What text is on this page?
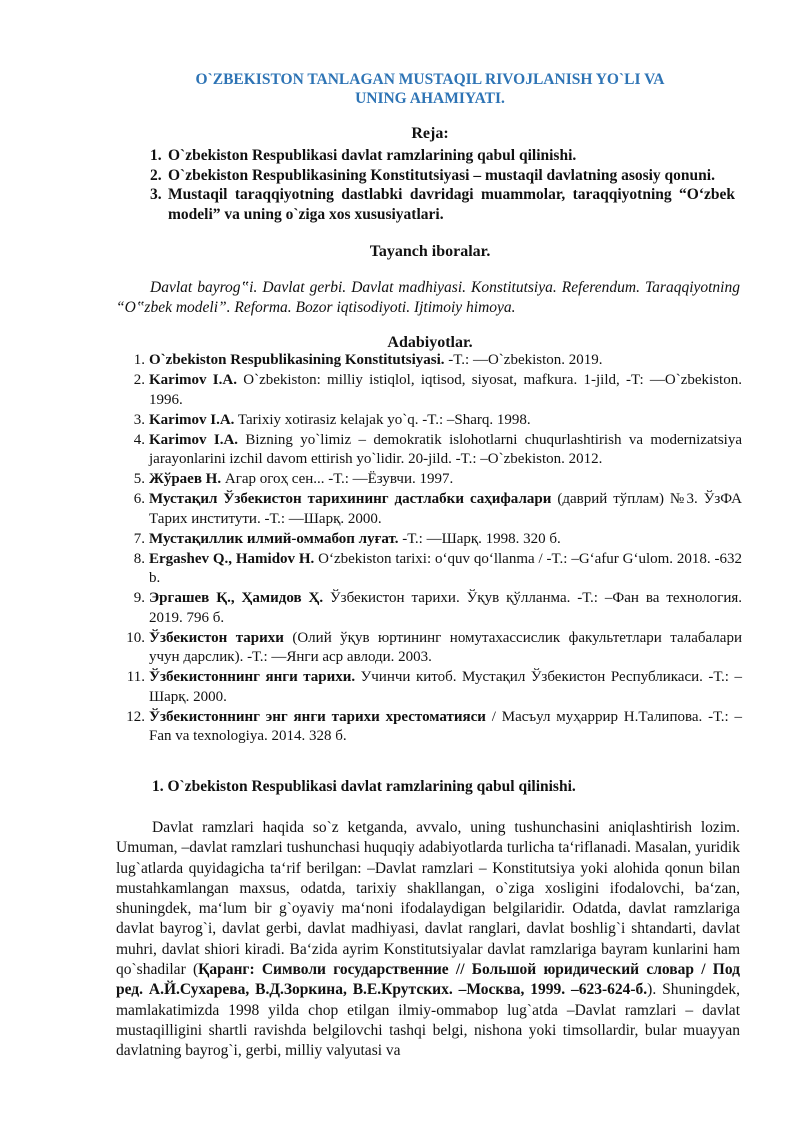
O`ZBEKISTON TANLAGAN MUSTAQIL RIVOJLANISH YO`LI VA
UNING AHAMIYATI.
Reja:
1. O`zbekiston Respublikasi davlat ramzlarining qabul qilinishi.
2. O`zbekiston Respublikasining Konstitutsiyasi – mustaqil davlatning asosiy qonuni.
3. Mustaqil taraqqiyotning dastlabki davridagi muammolar, taraqqiyotning “O‘zbek modeli” va uning o`ziga xos xususiyatlari.
Tayanch iboralar.
Davlat bayrog‟i. Davlat gerbi. Davlat madhiyasi. Konstitutsiya. Referendum. Taraqqiyotning “O‟zbek modeli”. Reforma. Bozor iqtisodiyoti. Ijtimoiy himoya.
Adabiyotlar.
1. O`zbekiston Respublikasining Konstitutsiyasi. -T.: ―O`zbekiston. 2019.
2. Karimov I.A. O`zbekiston: milliy istiqlol, iqtisod, siyosat, mafkura. 1-jild, -T: ―O`zbekiston. 1996.
3. Karimov I.A. Tarixiy xotirasiz kelajak yo`q. -T.: –Sharq. 1998.
4. Karimov I.A. Bizning yo`limiz – demokratik islohotlarni chuqurlashtirish va modernizatsiya jarayonlarini izchil davom ettirish yo`lidir. 20-jild. -T.: –O`zbekiston. 2012.
5. Жўраев Н. Агар огоҳ сен... -Т.: ―Ёзувчи. 1997.
6. Мустақил Ўзбекистон тарихининг дастлабки саҳифалари (даврий тўплам) №3. ЎзФА Тарих институти. -Т.: ―Шарқ. 2000.
7. Мустақиллик илмий-оммабоп луғат. -Т.: ―Шарқ. 1998. 320 б.
8. Ergashev Q., Hamidov H. O‘zbekiston tarixi: o‘quv qo‘llanma / -T.: –G‘afur G‘ulom. 2018. -632 b.
9. Эргашев Қ., Ҳамидов Ҳ. Ўзбекистон тарихи. Ўқув қўлланма. -Т.: –Фан ва технология. 2019. 796 б.
10. Ўзбекистон тарихи (Олий ўқув юртининг номутахассислик факультетлари талабалари учун дарслик). -Т.: ―Янги аср авлоди. 2003.
11. Ўзбекистоннинг янги тарихи. Учинчи китоб. Мустақил Ўзбекистон Республикаси. -Т.: –Шарқ. 2000.
12. Ўзбекистоннинг энг янги тарихи хрестоматияси / Масъул муҳаррир Н.Талипова. -Т.: –Fan va texnologiya. 2014. 328 б.
1. O`zbekiston Respublikasi davlat ramzlarining qabul qilinishi.
Davlat ramzlari haqida so`z ketganda, avvalo, uning tushunchasini aniqlashtirish lozim. Umuman, –davlat ramzlari tushunchasi huquqiy adabiyotlarda turlicha ta‘riflanadi. Masalan, yuridik lug`atlarda quyidagicha ta‘rif berilgan: –Davlat ramzlari – Konstitutsiya yoki alohida qonun bilan mustahkamlangan maxsus, odatda, tarixiy shakllangan, o`ziga xosligini ifodalovchi, ba‘zan, shuningdek, ma‘lum bir g`oyaviy ma‘noni ifodalaydigan belgilaridir. Odatda, davlat ramzlariga davlat bayrog`i, davlat gerbi, davlat madhiyasi, davlat ranglari, davlat boshlig`i shtandarti, davlat muhri, davlat shiori kiradi. Ba‘zida ayrim Konstitutsiyalar davlat ramzlariga bayram kunlarini ham qo`shadilar (Қаранг: Символи государственние // Большой юридический словар / Под ред. А.Й.Сухарева, В.Д.Зоркина, В.Е.Крутских. –Москва, 1999. –623-624-б.). Shuningdek, mamlakatimizda 1998 yilda chop etilgan ilmiy-ommabop lug`atda –Davlat ramzlari – davlat mustaqilligini shartli ravishda belgilovchi tashqi belgi, nishona yoki timsollardir, bular muayyan davlatning bayrog`i, gerbi, milliy valyutasi va
